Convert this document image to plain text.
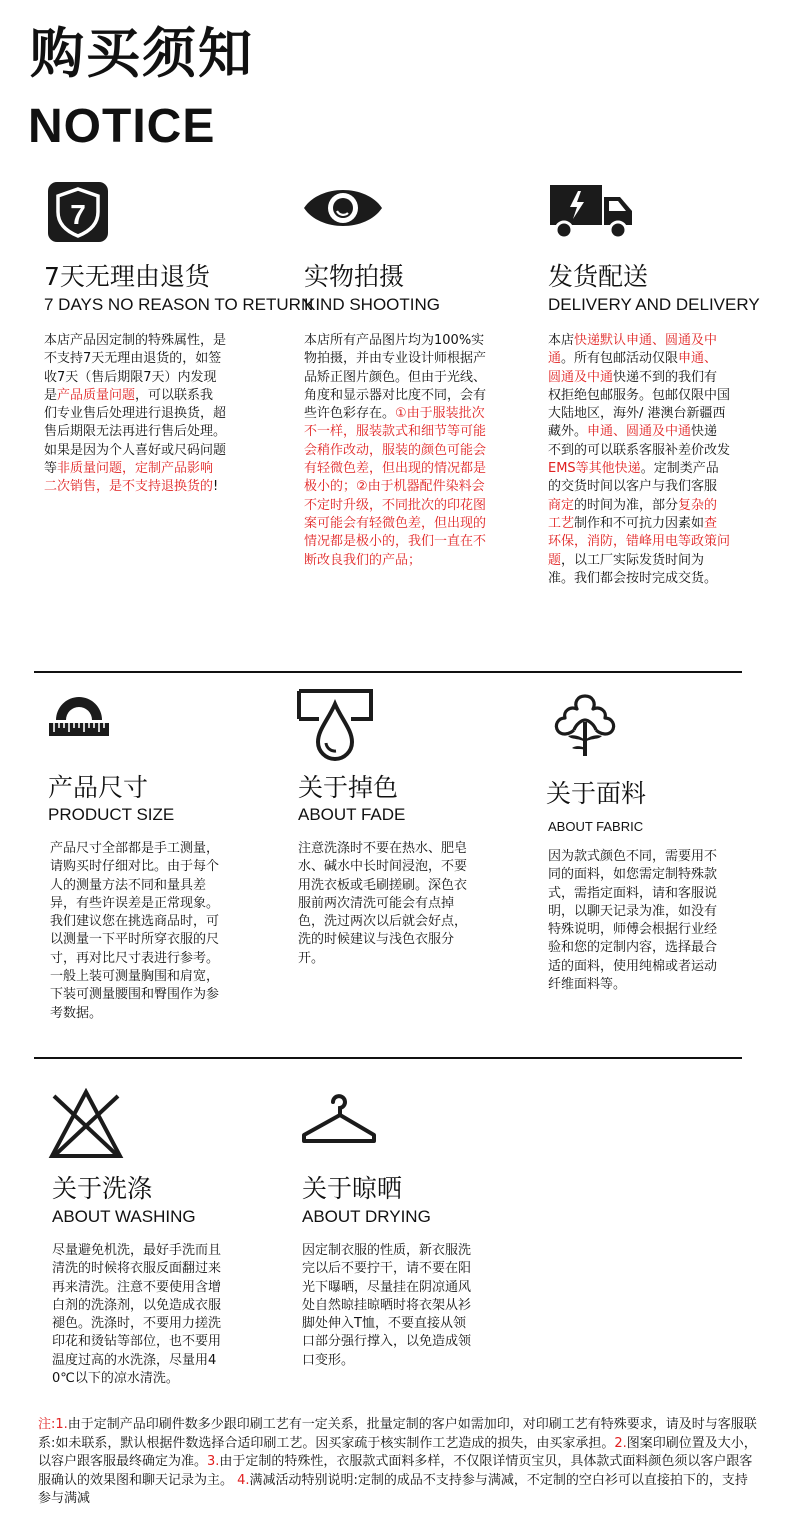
购买须知
NOTICE
7
7天无理由退货
7 DAYS NO REASON TO RETURN
本店产品因定制的特殊属性，是不支持7天无理由退货的，如签收7天（售后期限7天）内发现是产品质量问题，可以联系我们专业售后处理进行退换货，超售后期限无法再进行售后处理。如果是因为个人喜好或尺码问题等非质量问题，定制产品影响二次销售，是不支持退换货的!
实物拍摄
KIND SHOOTING
本店所有产品图片均为100%实物拍摄，并由专业设计师根据产品矫正图片颜色。但由于光线、角度和显示器对比度不同，会有些许色彩存在。①由于服装批次不一样，服装款式和细节等可能会稍作改动，服装的颜色可能会有轻微色差，但出现的情况都是极小的；②由于机器配件染料会不定时升级，不同批次的印花图案可能会有轻微色差，但出现的情况都是极小的，我们一直在不断改良我们的产品；
发货配送
DELIVERY AND DELIVERY
本店快递默认申通、圆通及中通。所有包邮活动仅限申通、圆通及中通快递不到的我们有权拒绝包邮服务。包邮仅限中国大陆地区，海外/ 港澳台新疆西藏外。申通、圆通及中通快递不到的可以联系客服补差价改发 EMS等其他快递。定制类产品的交货时间以客户与我们客服商定的时间为准，部分复杂的工艺制作和不可抗力因素如查环保，消防，错峰用电等政策问题，以工厂实际发货时间为准。我们都会按时完成交货。
产品尺寸
PRODUCT SIZE
产品尺寸全部都是手工测量，请购买时仔细对比。由于每个人的测量方法不同和量具差异，有些许误差是正常现象。我们建议您在挑选商品时，可以测量一下平时所穿衣服的尺寸，再对比尺寸表进行参考。一般上装可测量胸围和肩宽，下装可测量腰围和臀围作为参考数据。
关于掉色
ABOUT FADE
注意洗涤时不要在热水、肥皂水、碱水中长时间浸泡，不要用洗衣板或毛刷搓刷。深色衣服前两次清洗可能会有点掉色，洗过两次以后就会好点，洗的时候建议与浅色衣服分开。
关于面料
ABOUT FABRIC
因为款式颜色不同，需要用不同的面料，如您需定制特殊款式，需指定面料，请和客服说明，以聊天记录为准，如没有特殊说明，师傅会根据行业经验和您的定制内容，选择最合适的面料，使用纯棉或者运动纤维面料等。
关于洗涤
ABOUT WASHING
尽量避免机洗，最好手洗而且清洗的时候将衣服反面翻过来再来清洗。注意不要使用含增白剂的洗涤剂，以免造成衣服褪色。洗涤时，不要用力搓洗印花和烫钻等部位，也不要用温度过高的水洗涤，尽量用40℃以下的凉水清洗。
关于晾晒
ABOUT DRYING
因定制衣服的性质，新衣服洗完以后不要拧干，请不要在阳光下曝晒，尽量挂在阴凉通风处自然晾挂晾晒时将衣架从衫脚处伸入T恤，不要直接从领口部分强行撑入，以免造成领口变形。
注:1.由于定制产品印刷件数多少跟印刷工艺有一定关系，批量定制的客户如需加印，对印刷工艺有特殊要求，请及时与客服联系:如未联系，默认根据件数选择合适印刷工艺。因买家疏于核实制作工艺造成的损失，由买家承担。2.图案印刷位置及大小，以容户跟客服最终确定为准。3.由于定制的特殊性，衣服款式面料多样，不仅限详情页宝贝，具体款式面料颜色须以客户跟客服确认的效果图和聊天记录为主。 4.满减活动特别说明:定制的成品不支持参与满减，不定制的空白衫可以直接拍下的，支持参与满减
